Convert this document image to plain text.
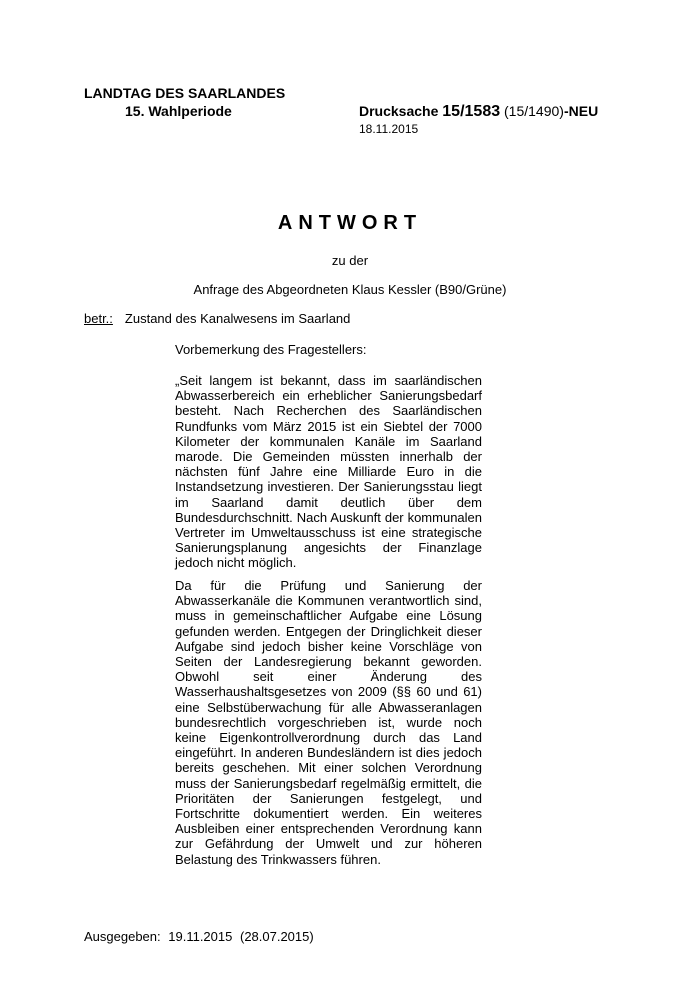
LANDTAG DES SAARLANDES
15. Wahlperiode	Drucksache 15/1583 (15/1490)-NEU
18.11.2015
ANTWORT
zu der
Anfrage des Abgeordneten Klaus Kessler (B90/Grüne)
betr.: Zustand des Kanalwesens im Saarland
Vorbemerkung des Fragestellers:

„Seit langem ist bekannt, dass im saarländischen Abwasserbereich ein erheblicher Sanierungsbedarf besteht. Nach Recherchen des Saarländischen Rundfunks vom März 2015 ist ein Siebtel der 7000 Kilometer der kommunalen Kanäle im Saarland marode. Die Gemeinden müssten innerhalb der nächsten fünf Jahre eine Milliarde Euro in die Instandsetzung investieren. Der Sanierungsstau liegt im Saarland damit deutlich über dem Bundesdurchschnitt. Nach Auskunft der kommunalen Vertreter im Umweltausschuss ist eine strategische Sanierungsplanung angesichts der Finanzlage jedoch nicht möglich.

Da für die Prüfung und Sanierung der Abwasserkanäle die Kommunen verantwortlich sind, muss in gemeinschaftlicher Aufgabe eine Lösung gefunden werden. Entgegen der Dringlichkeit dieser Aufgabe sind jedoch bisher keine Vorschläge von Seiten der Landesregierung bekannt geworden. Obwohl seit einer Änderung des Wasserhaushaltsgesetzes von 2009 (§§ 60 und 61) eine Selbstüberwachung für alle Abwasseranlagen bundesrechtlich vorgeschrieben ist, wurde noch keine Eigenkontrollverordnung durch das Land eingeführt. In anderen Bundesländern ist dies jedoch bereits geschehen. Mit einer solchen Verordnung muss der Sanierungsbedarf regelmäßig ermittelt, die Prioritäten der Sanierungen festgelegt, und Fortschritte dokumentiert werden. Ein weiteres Ausbleiben einer entsprechenden Verordnung kann zur Gefährdung der Umwelt und zur höheren Belastung des Trinkwassers führen.

Ausgegeben: 19.11.2015 (28.07.2015)
